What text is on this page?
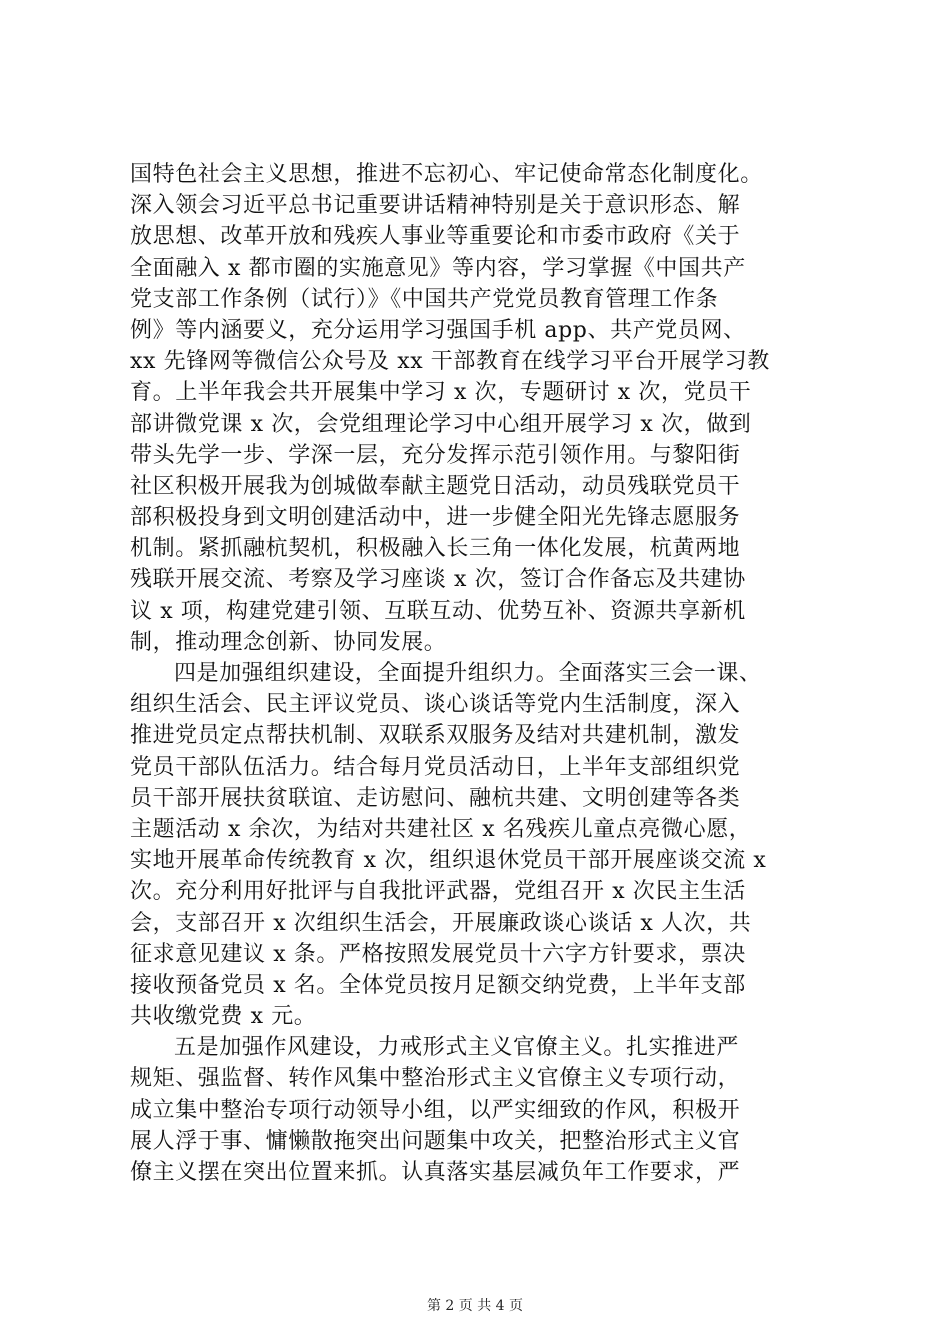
国特色社会主义思想，推进不忘初心、牢记使命常态化制度化。
深入领会习近平总书记重要讲话精神特别是关于意识形态、解
放思想、改革开放和残疾人事业等重要论和市委市政府《关于
全面融入 x 都市圈的实施意见》等内容，学习掌握《中国共产
党支部工作条例（试行）》《中国共产党党员教育管理工作条
例》等内涵要义，充分运用学习强国手机 app、共产党员网、
xx 先锋网等微信公众号及 xx 干部教育在线学习平台开展学习教
育。上半年我会共开展集中学习 x 次，专题研讨 x 次，党员干
部讲微党课 x 次，会党组理论学习中心组开展学习 x 次，做到
带头先学一步、学深一层，充分发挥示范引领作用。与黎阳街
社区积极开展我为创城做奉献主题党日活动，动员残联党员干
部积极投身到文明创建活动中，进一步健全阳光先锋志愿服务
机制。紧抓融杭契机，积极融入长三角一体化发展，杭黄两地
残联开展交流、考察及学习座谈 x 次，签订合作备忘及共建协
议 x 项，构建党建引领、互联互动、优势互补、资源共享新机
制，推动理念创新、协同发展。
四是加强组织建设，全面提升组织力。全面落实三会一课、
组织生活会、民主评议党员、谈心谈话等党内生活制度，深入
推进党员定点帮扶机制、双联系双服务及结对共建机制，激发
党员干部队伍活力。结合每月党员活动日，上半年支部组织党
员干部开展扶贫联谊、走访慰问、融杭共建、文明创建等各类
主题活动 x 余次，为结对共建社区 x 名残疾儿童点亮微心愿，
实地开展革命传统教育 x 次，组织退休党员干部开展座谈交流 x
次。充分利用好批评与自我批评武器，党组召开 x 次民主生活
会，支部召开 x 次组织生活会，开展廉政谈心谈话 x 人次，共
征求意见建议 x 条。严格按照发展党员十六字方针要求，票决
接收预备党员 x 名。全体党员按月足额交纳党费，上半年支部
共收缴党费 x 元。
五是加强作风建设，力戒形式主义官僚主义。扎实推进严
规矩、强监督、转作风集中整治形式主义官僚主义专项行动，
成立集中整治专项行动领导小组，以严实细致的作风，积极开
展人浮于事、慵懒散拖突出问题集中攻关，把整治形式主义官
僚主义摆在突出位置来抓。认真落实基层减负年工作要求，严
第 2 页 共 4 页
